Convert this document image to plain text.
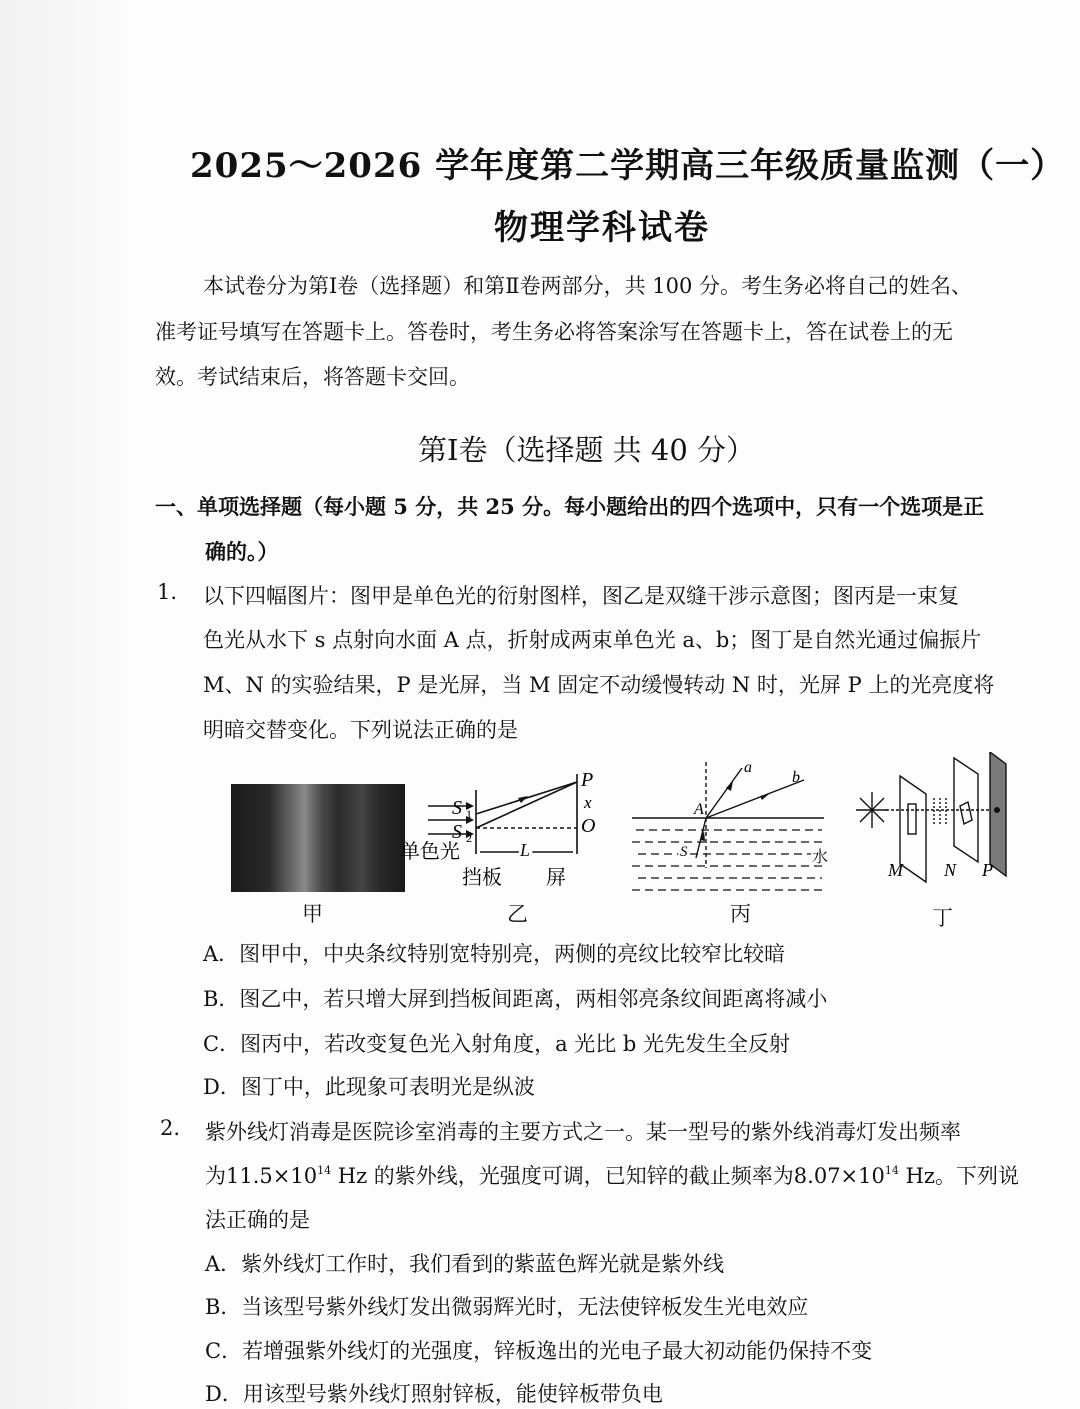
2025～2026 学年度第二学期高三年级质量监测（一）
物理学科试卷
本试卷分为第Ⅰ卷（选择题）和第Ⅱ卷两部分，共 100 分。考生务必将自己的姓名、
准考证号填写在答题卡上。答卷时，考生务必将答案涂写在答题卡上，答在试卷上的无
效。考试结束后，将答题卡交回。
第Ⅰ卷（选择题 共 40 分）
一、单项选择题（每小题 5 分，共 25 分。每小题给出的四个选项中，只有一个选项是正
确的。）
1. 以下四幅图片：图甲是单色光的衍射图样，图乙是双缝干涉示意图；图丙是一束复
色光从水下 s 点射向水面 A 点，折射成两束单色光 a、b；图丁是自然光通过偏振片
M、N 的实验结果，P 是光屏，当 M 固定不动缓慢转动 N 时，光屏 P 上的光亮度将
明暗交替变化。下列说法正确的是
甲
S 1
S 2
P
x
O
单色光	L
挡板 屏
乙
a
b
A
S	水
丙
M N P
丁
A．图甲中，中央条纹特别宽特别亮，两侧的亮纹比较窄比较暗
B．图乙中，若只增大屏到挡板间距离，两相邻亮条纹间距离将减小
C．图丙中，若改变复色光入射角度，a 光比 b 光先发生全反射
D．图丁中，此现象可表明光是纵波
2. 紫外线灯消毒是医院诊室消毒的主要方式之一。某一型号的紫外线消毒灯发出频率
为$11.5\times 10^{14}$ Hz 的紫外线，光强度可调，已知锌的截止频率为$8.07\times 10^{14}$ Hz。下列说
法正确的是
A．紫外线灯工作时，我们看到的紫蓝色辉光就是紫外线
B．当该型号紫外线灯发出微弱辉光时，无法使锌板发生光电效应
C．若增强紫外线灯的光强度，锌板逸出的光电子最大初动能仍保持不变
D．用该型号紫外线灯照射锌板，能使锌板带负电
